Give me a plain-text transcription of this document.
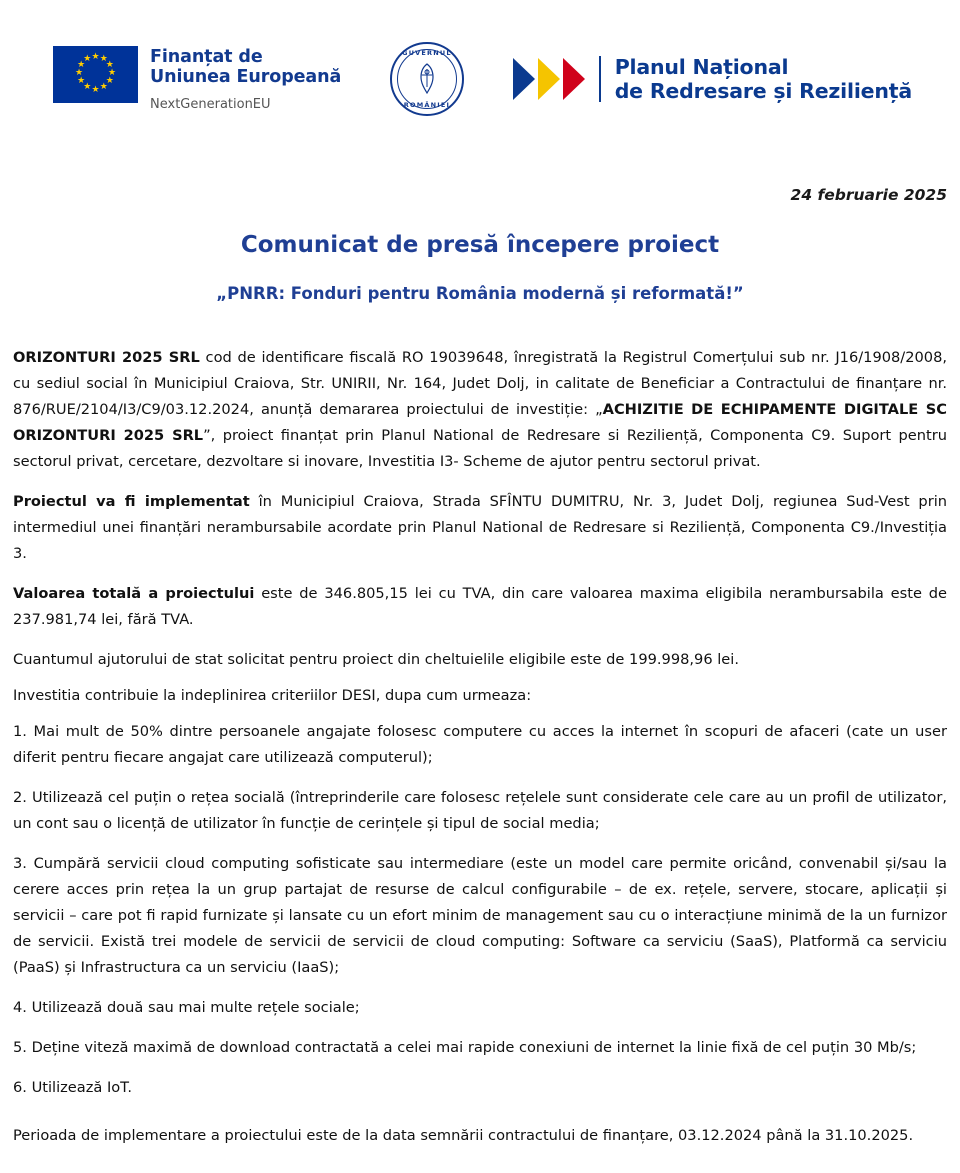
★ ★
★
★
★
★
★
★
★
★
★
★	Finanțat de
Uniunea Europeană
NextGenerationEU
GUVERNUL
ROMÂNIEI
Planul Național
de Redresare și Reziliență
24 februarie 2025
Comunicat de presă începere proiect
„PNRR: Fonduri pentru România modernă și reformată!”

ORIZONTURI 2025 SRL cod de identificare fiscală RO 19039648, înregistrată la Registrul Comerțului sub nr. J16/1908/2008, cu sediul social în Municipiul Craiova, Str. UNIRII, Nr. 164, Judet Dolj, in calitate de Beneficiar a Contractului de finanțare nr. 876/RUE/2104/I3/C9/03.12.2024, anunță demararea proiectului de investiție: „ACHIZITIE DE ECHIPAMENTE DIGITALE SC ORIZONTURI 2025 SRL”, proiect finanțat prin Planul National de Redresare si Reziliență, Componenta C9. Suport pentru sectorul privat, cercetare, dezvoltare si inovare, Investitia I3- Scheme de ajutor pentru sectorul privat.

Proiectul va fi implementat în Municipiul Craiova, Strada SFÎNTU DUMITRU, Nr. 3, Judet Dolj, regiunea Sud-Vest prin intermediul unei finanțări nerambursabile acordate prin Planul National de Redresare si Reziliență, Componenta C9./Investiția 3.

Valoarea totală a proiectului este de 346.805,15 lei cu TVA, din care valoarea maxima eligibila nerambursabila este de 237.981,74 lei, fără TVA.

Cuantumul ajutorului de stat solicitat pentru proiect din cheltuielile eligibile este de 199.998,96 lei.

Investitia contribuie la indeplinirea criteriilor DESI, dupa cum urmeaza:

1. Mai mult de 50% dintre persoanele angajate folosesc computere cu acces la internet în scopuri de afaceri (cate un user diferit pentru fiecare angajat care utilizează computerul);

2. Utilizează cel puțin o rețea socială (întreprinderile care folosesc rețelele sunt considerate cele care au un profil de utilizator, un cont sau o licență de utilizator în funcție de cerințele și tipul de social media;

3. Cumpără servicii cloud computing sofisticate sau intermediare (este un model care permite oricând, convenabil și/sau la cerere acces prin rețea la un grup partajat de resurse de calcul configurabile – de ex. rețele, servere, stocare, aplicații și servicii – care pot fi rapid furnizate și lansate cu un efort minim de management sau cu o interacțiune minimă de la un furnizor de servicii. Există trei modele de servicii de servicii de cloud computing: Software ca serviciu (SaaS), Platformă ca serviciu (PaaS) și Infrastructura ca un serviciu (IaaS);

4. Utilizează două sau mai multe rețele sociale;

5. Deține viteză maximă de download contractată a celei mai rapide conexiuni de internet la linie fixă de cel puțin 30 Mb/s;

6. Utilizează IoT.

Perioada de implementare a proiectului este de la data semnării contractului de finanțare, 03.12.2024 până la 31.10.2025.
